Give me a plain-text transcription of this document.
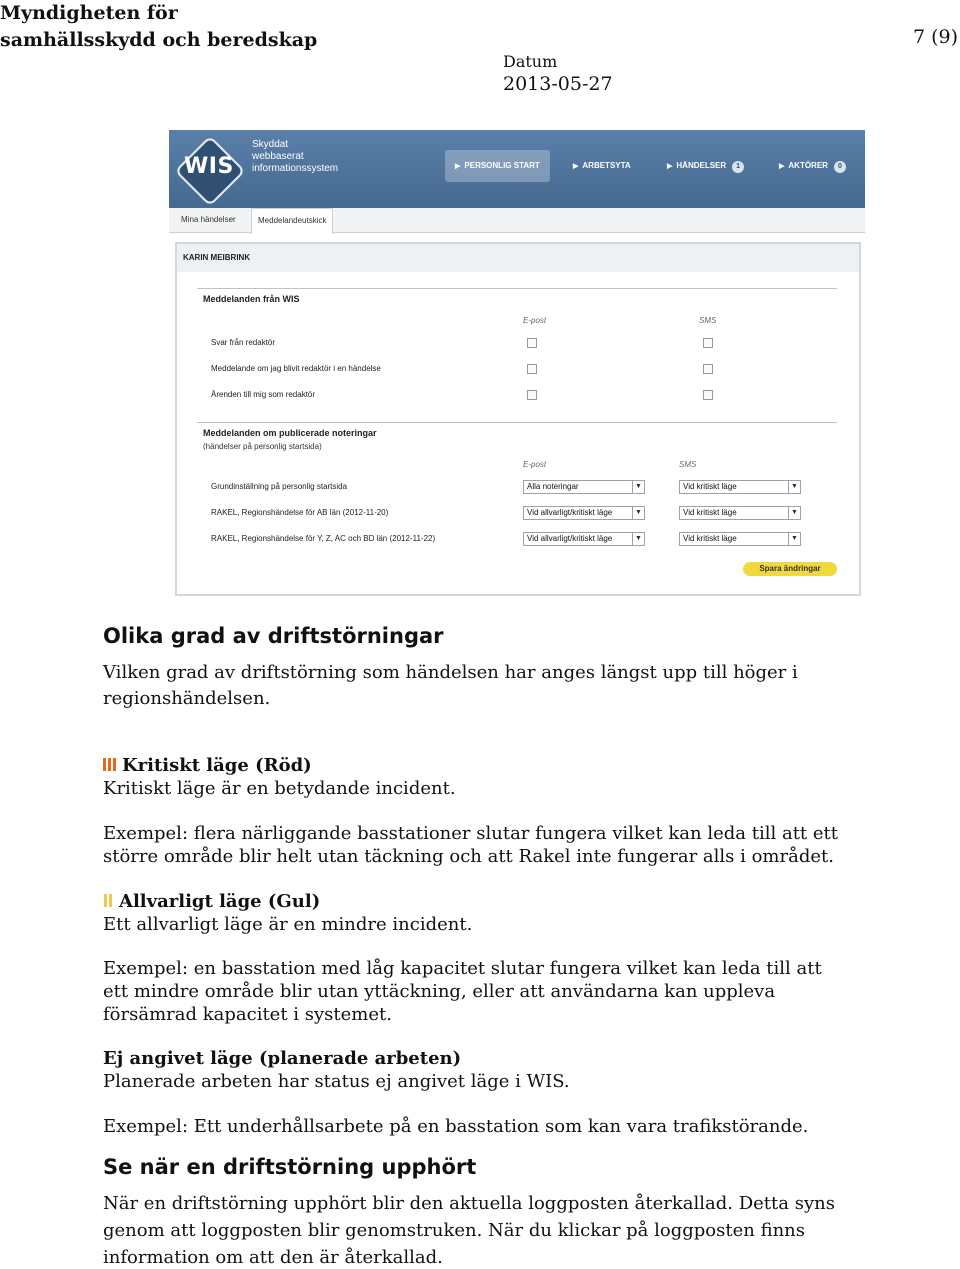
Myndigheten för
samhällsskydd och beredskap	7 (9)
Datum
2013-05-27
WIS
Skyddat
webbaserat
informationssystem	▶ PERSONLIG START	▶ ARBETSYTA	▶ HÄNDELSER 1	▶ AKTÖRER 0
Mina händelser	Meddelandeutskick
KARIN MEIBRINK
Meddelanden från WIS
E-post	SMS
Svar från redaktör
Meddelande om jag blivit redaktör i en händelse
Ärenden till mig som redaktör
Meddelanden om publicerade noteringar
(händelser på personlig startsida)
E-post	SMS
Grundinställning på personlig startsida	Alla noteringar	▼	Vid kritiskt läge	▼
RAKEL, Regionshändelse för AB län (2012-11-20)	Vid allvarligt/kritiskt läge	▼	Vid kritiskt läge	▼
RAKEL, Regionshändelse för Y, Z, AC och BD län (2012-11-22)	Vid allvarligt/kritiskt läge	▼	Vid kritiskt läge	▼
Spara ändringar
Olika grad av driftstörningar
Vilken grad av driftstörning som händelsen har anges längst upp till höger i
regionshändelsen.
Kritiskt läge (Röd)
Kritiskt läge är en betydande incident.
Exempel: flera närliggande basstationer slutar fungera vilket kan leda till att ett
större område blir helt utan täckning och att Rakel inte fungerar alls i området.
Allvarligt läge (Gul)
Ett allvarligt läge är en mindre incident.
Exempel: en basstation med låg kapacitet slutar fungera vilket kan leda till att
ett mindre område blir utan yttäckning, eller att användarna kan uppleva
försämrad kapacitet i systemet.
Ej angivet läge (planerade arbeten)
Planerade arbeten har status ej angivet läge i WIS.
Exempel: Ett underhållsarbete på en basstation som kan vara trafikstörande.
Se när en driftstörning upphört
När en driftstörning upphört blir den aktuella loggposten återkallad. Detta syns
genom att loggposten blir genomstruken. När du klickar på loggposten finns
information om att den är återkallad.
